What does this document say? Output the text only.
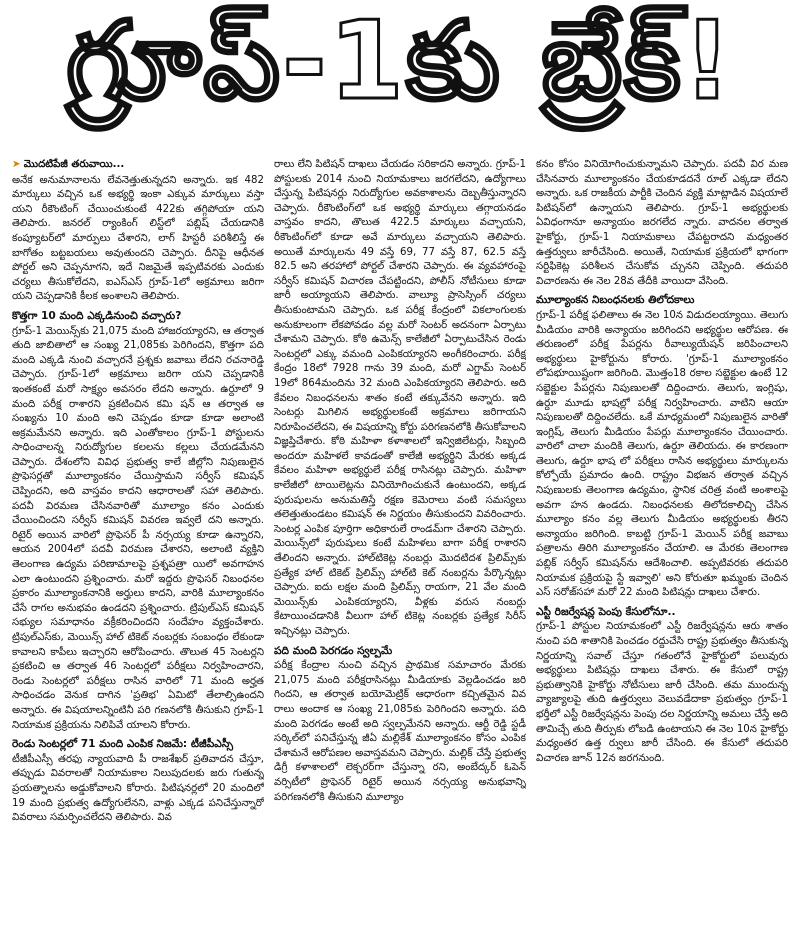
గ్రూప్‌-1కు బ్రేక్‌!

➤ మొదటిపేజీ తరువాయి...

అనేక అనుమానాలను లేవనెత్తుతున్నదని అన్నారు. ఇక 482 మార్కులు వచ్చిన ఒక అభ్యర్థి ఇంకా ఎక్కువ మార్కులు వస్తా యని రీకౌంటింగ్‌ చేయించుకుంటే 422కు తగ్గిపోయా యని తెలిపారు. జనరల్‌ ర్యాంకింగ్‌ లిస్ట్‌లో పబ్లిష్‌ చేయడానికి కంప్యూటర్‌లో మార్పులు చేశారని, లాగ్‌ హిస్టరీ పరిశీలిస్తే ఈ బాగోతం బట్టబయలు అవుతుందని చెప్పారు. దీనిపై ఆధీనత పోర్టల్‌ అని చెప్పనూగని, ఇదే నిజమైతే ఇప్పటివరకు ఎందుకు చర్యలు తీసుకోలేదని, ఐఎస్‌ఎస్‌ గ్రూప్‌-1లో అక్రమాలు జరిగా యని చెప్పడానికి కీలక అంశాలని తెలిపారు.

కొత్తగా 10 మంది ఎక్కడినుంచి వచ్చారు?

గ్రూప్‌-1 మెయిన్స్‌కు 21,075 మంది హాజరయ్యారని, ఆ తర్వాత తుది జాబితాలో ఆ సంఖ్య 21,085కు పెరిగిందని, కొత్తగా పది మంది ఎక్కడి నుంచి వచ్చారనే ప్రశ్నకు జవాబు లేదని రచనారెడ్డి చెప్పారు. గ్రూప్‌-1లో అక్రమాలు జరిగా యని చెప్పడానికి ఇంతకంటే మరో సాక్ష్యం అవసరం లేదని అన్నారు. ఉర్దూలో 9 మంది పరీక్ష రాశారని ప్రకటించిన కమి షన్‌ ఆ తర్వాత ఆ సంఖ్యను 10 మంది అని చెప్పడం కూడా కూడా అలాంటి అక్రమమేనని అన్నారు. ఇది ఎంతోకాలం గ్రూప్‌-1 పోస్టులను సాధించాలన్న నిరుద్యోగుల కలలను కల్లలు చేయడమేనని చెప్పారు. దేశంలోని వివిధ ప్రభుత్వ కాలే జీల్లోని నిపుణులైన ప్రొఫెసర్లతో మూల్యాంకనం చేయిస్తామని సర్వీస్‌ కమిషన్‌ చెప్పిందని, అది వాస్తవం కాదని ఆధారాలతో సహా తెలిపారు. పదవీ విరమణ చేసినవారితో మూల్యాం కనం ఎందుకు చేయించిందని సర్వీస్‌ కమిషన్‌ వివరణ ఇవ్వలే దని అన్నారు. రిటైర్‌ అయిన వారిలో ప్రొఫెసర్‌ పీ నర్సయ్య కూడా ఉన్నారని, ఆయన 2004లో పదవీ విరమణ చేశారని, అలాంటి వ్యక్తిని తెలంగాణ ఉద్యమ పరిణామాలపై ప్రశ్నపత్రా యిలో అవగాహన ఎలా ఉంటుందని ప్రశ్నించారు. మరో ఇద్దరు ప్రొఫెసర్‌ నిబంధనల ప్రకారం మూల్యాంకనానికి అర్హులు కాదని, వారికి మూల్యాంకనం చేసే రాగల అనుభవం ఉండదని ప్రశ్నించారు. ట్రిపుల్‌ఎస్‌ కమిషన్‌ సభ్యుల సమాధానం వక్రీకరించిందని సందేహం వ్యక్తంచేశారు. ట్రిపుల్‌ఎస్‌కు, మెయిన్స్‌ హాల్‌ టికెట్‌ నంబర్లకు సంబంధం లేకుండా కావాలని కాపీలు ఇచ్చారని ఆరోపించారు. తొలుత 45 సెంటర్లని ప్రకటించి ఆ తర్వాత 46 సెంటర్లలో పరీక్షలు నిర్వహించారని, రెండు సెంటర్లలో పరీక్షలు రాసిన వారిలో 71 మంది అర్హత సాధించడం వెనుక దాగిన 'ప్రతిభ' ఏమిటో తేలాల్సిఉందని అన్నారు. ఈ విషయాలన్నింటినీ పరి గణనలోకి తీసుకుని గ్రూప్‌-1 నియామక ప్రక్రియను నిలిపివే యాలని కోరారు.

రెండు సెంటర్లలో 71 మంది ఎంపిక నిజమే: టీజీపీఎస్సీ

టీజీపీఎస్సీ తరఫు న్యాయవాది పీ రాజశేఖర్‌ ప్రతివాదన చేస్తూ, తప్పుడు వివరాలతో నియామకాల నిలుపుదలకు జరు గుతున్న ప్రయత్నాలను అడ్డుకోవాలని కోరారు. పిటిషనర్లలో 20 మందిలో 19 మంది ప్రభుత్వ ఉద్యోగులేనని, వాళ్లు ఎక్కడ పనిచేస్తున్నారో వివరాలు సమర్పించలేదని తెలిపారు. వివ

రాలు లేని పిటిషన్‌ దాఖలు చేయడం సరికాదని అన్నారు. గ్రూప్‌-1 పోస్టులకు 2014 నుంచి నియామకాలు జరగలేదని, ఉద్యోగాలు చేస్తున్న పిటిషనర్లు నిరుద్యోగుల అవకాశాలను దెబ్బతీస్తున్నారని చెప్పారు. రీకౌంటింగ్‌లో ఒక అభ్యర్థి మార్కులు తగ్గాయనడం వాస్తవం కాదని, తొలుత 422.5 మార్కులు వచ్చాయని, రీకౌంటింగ్‌లో కూడా అవే మార్కులు వచ్చాయని తెలిపారు. అయితే మార్కులను 49 వస్తే 69, 77 వస్తే 87, 62.5 వస్తే 82.5 అని తరహాలో పోర్టల్‌ చేశారని చెప్పారు. ఈ వ్యవహారంపై సర్వీస్‌ కమిషన్‌ విచారణ చేపట్టిందని, పోలీస్‌ నోటీసులు కూడా జారీ అయ్యాయని తెలిపారు. వాల్యూ ప్రాసెస్సింగ్‌ చర్యలు తీసుకుంటామని చెప్పారు. ఒక పరీక్ష కేంద్రంలో వికలాంగులకు అనుకూలంగా లేకపోవడం వల్ల మరో సెంటర్‌ అదనంగా ఏర్పాటు చేశామని చెప్పారు. కోఠి ఉమెన్స్‌ కాలేజీలో ఏర్పాటుచేసిన రెండు సెంటర్లలో ఎక్కు వమంది ఎంపికయ్యారని అంగీకరించారు. పరీక్ష కేంద్రం 18లో 7928 గాను 39 మంది, మరో ఎగ్జామ్‌ సెంటర్‌ 19లో 864మందిను 32 మంది ఎంపికయ్యారని తెలిపారు. అది కేవలం నిబంధనలను శాతం కంటే తక్కువేనని అన్నారు. ఇది సెంటర్లు మిగిలిన అభ్యర్థులకంటే అక్రమాలు జరిగాయని నిరూపించలేదని, ఈ విషయాన్ని కోర్టు పరిగణనలోకి తీసుకోవాలని విజ్ఞప్తిచేశారు. కోఠి మహిళా కళాశాలలో ఇన్విజిలేటర్లు, సిబ్బంది అందరూ మహిళలే కావడంతో కాలేజీ అభ్యర్థిని మేరకు అక్కడ కేవలం మహిళా అభ్యర్థులే పరీక్ష రాసినట్లు చెప్పారు. మహిళా కాలేజీలో టాయిలెట్లను వినియోగించుకునే ఉంటుందని, అక్కడ పురుషులను అనుమతిస్తే రక్షణ కెమెరాలు వంటి సమస్యలు తలెత్తుతుండటం కమిషన్‌ ఈ నిర్ణయం తీసుకుందని వివరించారు. సెంటర్ల ఎంపిక పూర్తిగా అధికారులే రాండమ్‌గా చేశారని చెప్పారు. మెయిన్స్‌లో పురుషులు కంటే మహిళలు బాగా పరీక్ష రాశారని తేలిందని అన్నారు. హాల్‌టికెట్ల నంబర్లు మొదటిదశ ప్రిలిమ్స్‌కు ప్రత్యేక హాల్‌ టికెట్‌ ప్రిలిమ్స్‌ హాల్‌టి కెట్‌ నంబర్లను పేర్కొన్నట్లు చెప్పారు. ఐదు లక్షల మంది ప్రిలిమ్స్‌ రాయగా, 21 వేల మంది మెయిన్స్‌కు ఎంపికయ్యారని, వీళ్లకు వరుస నంబర్లు కేటాయించడానికి వీలుగా హాల్‌ టికెట్ల నంబర్లకు ప్రత్యేక సిరీస్‌ ఇచ్చినట్లు చెప్పారు.

పది మంది పెరగడం స్వల్పమే

పరీక్ష కేంద్రాల నుంచి వచ్చిన ప్రాథమిక సమాచారం మేరకు 21,075 మంది పరీక్షరాసినట్లు మీడియాకు వెల్లడించడం జరి గిందని, ఆ తర్వాత బయోమెట్రిక్‌ ఆధారంగా కచ్చితమైన వివ రాలు అందాక ఆ సంఖ్య 21,085కు పెరిగిందని అన్నారు. పది మంది పెరగడం అంటే అది స్వల్పమేనని అన్నారు. ఆర్టీ రెడ్డి స్టడీ సర్కిల్‌లో పనిచేస్తున్న జీఏ మల్లికేశ్‌ మూల్యాంకనం కోసం ఎంపిక చేశామనే ఆరోపణల అవాస్తవమని చెప్పారు. మల్లిక్‌ చేస్తే ప్రభుత్వ డిగ్రీ కళాశాలలో లెక్చరర్‌గా చేస్తున్నా రని, అంబేద్కర్‌ ఓపెన్‌ వర్సిటీలో ప్రొఫెసర్‌ రిటైర్‌ అయిన నర్సయ్య అనుభవాన్ని పరిగణనలోకి తీసుకుని మూల్యాం

కనం కోసం వినియోగించుకున్నామని చెప్పారు. పదవీ విర మణ చేసినవారు మూల్యాంకనం చేయకూడదనే రూల్‌ ఎక్కడా లేదని అన్నారు. ఒక రాజకీయ పార్టీకి చెందిన వ్యక్తి మాట్లాడిన విషయాలే పిటిషన్‌లో ఉన్నాయని తెలిపారు. గ్రూప్‌-1 అభ్యర్థులకు ఏవిధంగానూ అన్యాయం జరగలేద న్నారు. వాదనల తర్వాత హైకోర్టు, గ్రూప్‌-1 నియామకాలు చేపట్టరాదని మధ్యంతర ఉత్తర్వులు జారీచేసింది. అయితే, నియామక ప్రక్రియలో భాగంగా సర్టిఫికెట్ల పరిశీలన చేసుకోవ చ్చునని చెప్పింది. తదుపరి విచారణను ఈ నెల 28వ తేదీకి వాయిదా వేసింది.

మూల్యాంకన నిబంధనలకు తిలోదకాలు

గ్రూప్‌-1 పరీక్ష ఫలితాలు ఈ నెల 10న విడుదలయ్యాయి. తెలుగు మీడియం వారికి అన్యాయం జరిగిందని అభ్యర్థుల ఆరోపణ. ఈ తరుణంలో పరీక్ష పేపర్లను రీవాల్యుయేషన్‌ జరిపించాలని అభ్యర్థులు హైకోర్టును కోరారు. 'గ్రూప్‌-1 మూల్యాంకనం లోపభూయిష్టంగా జరిగింది. మొత్తం18 రకాల సబ్జెక్టుల ఉంటే 12 సబ్జెక్టుల పేపర్లను నిపుణులతో దిద్దించారు. తెలుగు, ఇంగ్లిషు, ఉర్దూ మూడు భాషల్లో పరీక్ష నిర్వహించారు. వాటిని ఆయా నిపుణులతో దిద్దించలేదు. ఒకే మాధ్యమంలో నిపుణులైన వారితో ఇంగ్లిష్‌, తెలుగు మీడియం పేపర్లు మూల్యాంకనం చేయించారు. వారిలో చాలా మందికి తెలుగు, ఉర్దూ తెలియదు. ఈ కారణంగా తెలుగు, ఉర్దూ భాష లో పరీక్షలు రాసిన అభ్యర్థులు మార్కులను కోల్పోయే ప్రమాదం ఉంది. రాష్ట్రం విభజన తర్వాత వచ్చిన నిపుణులకు తెలంగాణ ఉద్యమం, స్థానిక చరిత్ర వంటి అంశాలపై అవగా హన ఉండదు. నిబంధనలకు తిలోదకాలిచ్చి చేసిన మూల్యాం కనం వల్ల తెలుగు మీడియం అభ్యర్థులకు తీరని అన్యాయం జరిగింది. కాబట్టి గ్రూప్‌-1 మెయిన్‌ పరీక్ష జవాబు పత్రాలను తిరిగి మూల్యాంకనం చేయాలి. ఆ మేరకు తెలంగాణ పబ్లిక్‌ సర్వీస్‌ కమిషన్‌ను ఆదేశించాలి. అప్పటివరకు తదుపరి నియామక ప్రక్రియపై స్టే ఇవ్వాలి' అని కోరుతూ ఖమ్మంకు చెందిన ఎస్‌ సరోజ్‌సహా మరో 22 మంది పిటిషన్లు దాఖలు చేశారు.

ఎస్టీ రిజర్వేషన్ల పెంపు కేసులోనూ..

గ్రూప్‌-1 పోస్టుల నియామకంలో ఎస్టీ రిజర్వేషన్లను ఆరు శాతం నుంచి పది శాతానికి పెంచడం రద్దుచేసి రాష్ట్ర ప్రభుత్వం తీసుకున్న నిర్ణయాన్ని సవాల్‌ చేస్తూ గతంలోనే హైకోర్టులో పలువురు అభ్యర్థులు పిటిషన్లు దాఖలు చేశారు. ఈ కేసులో రాష్ట్ర ప్రభుత్వానికి హైకోర్టు నోటీసులు జారీ చేసింది. తమ ముందున్న వ్యాజ్యాలపై తుది ఉత్తర్వులు వెలువడేదాకా ప్రభుత్వం గ్రూప్‌-1 భర్తీలో ఎస్టీ రిజర్వేషన్లను పెంపు దల నిర్ణయాన్ని అమలు చేస్తే అది తామిచ్చే తుది తీర్పుకు లోబడి ఉంటాయని ఈ నెల 10న హైకోర్టు మధ్యంతర ఉత్త ర్వులు జారీ చేసింది. ఈ కేసులో తదుపరి విచారణ జూన్‌ 12న జరగనుంది.
